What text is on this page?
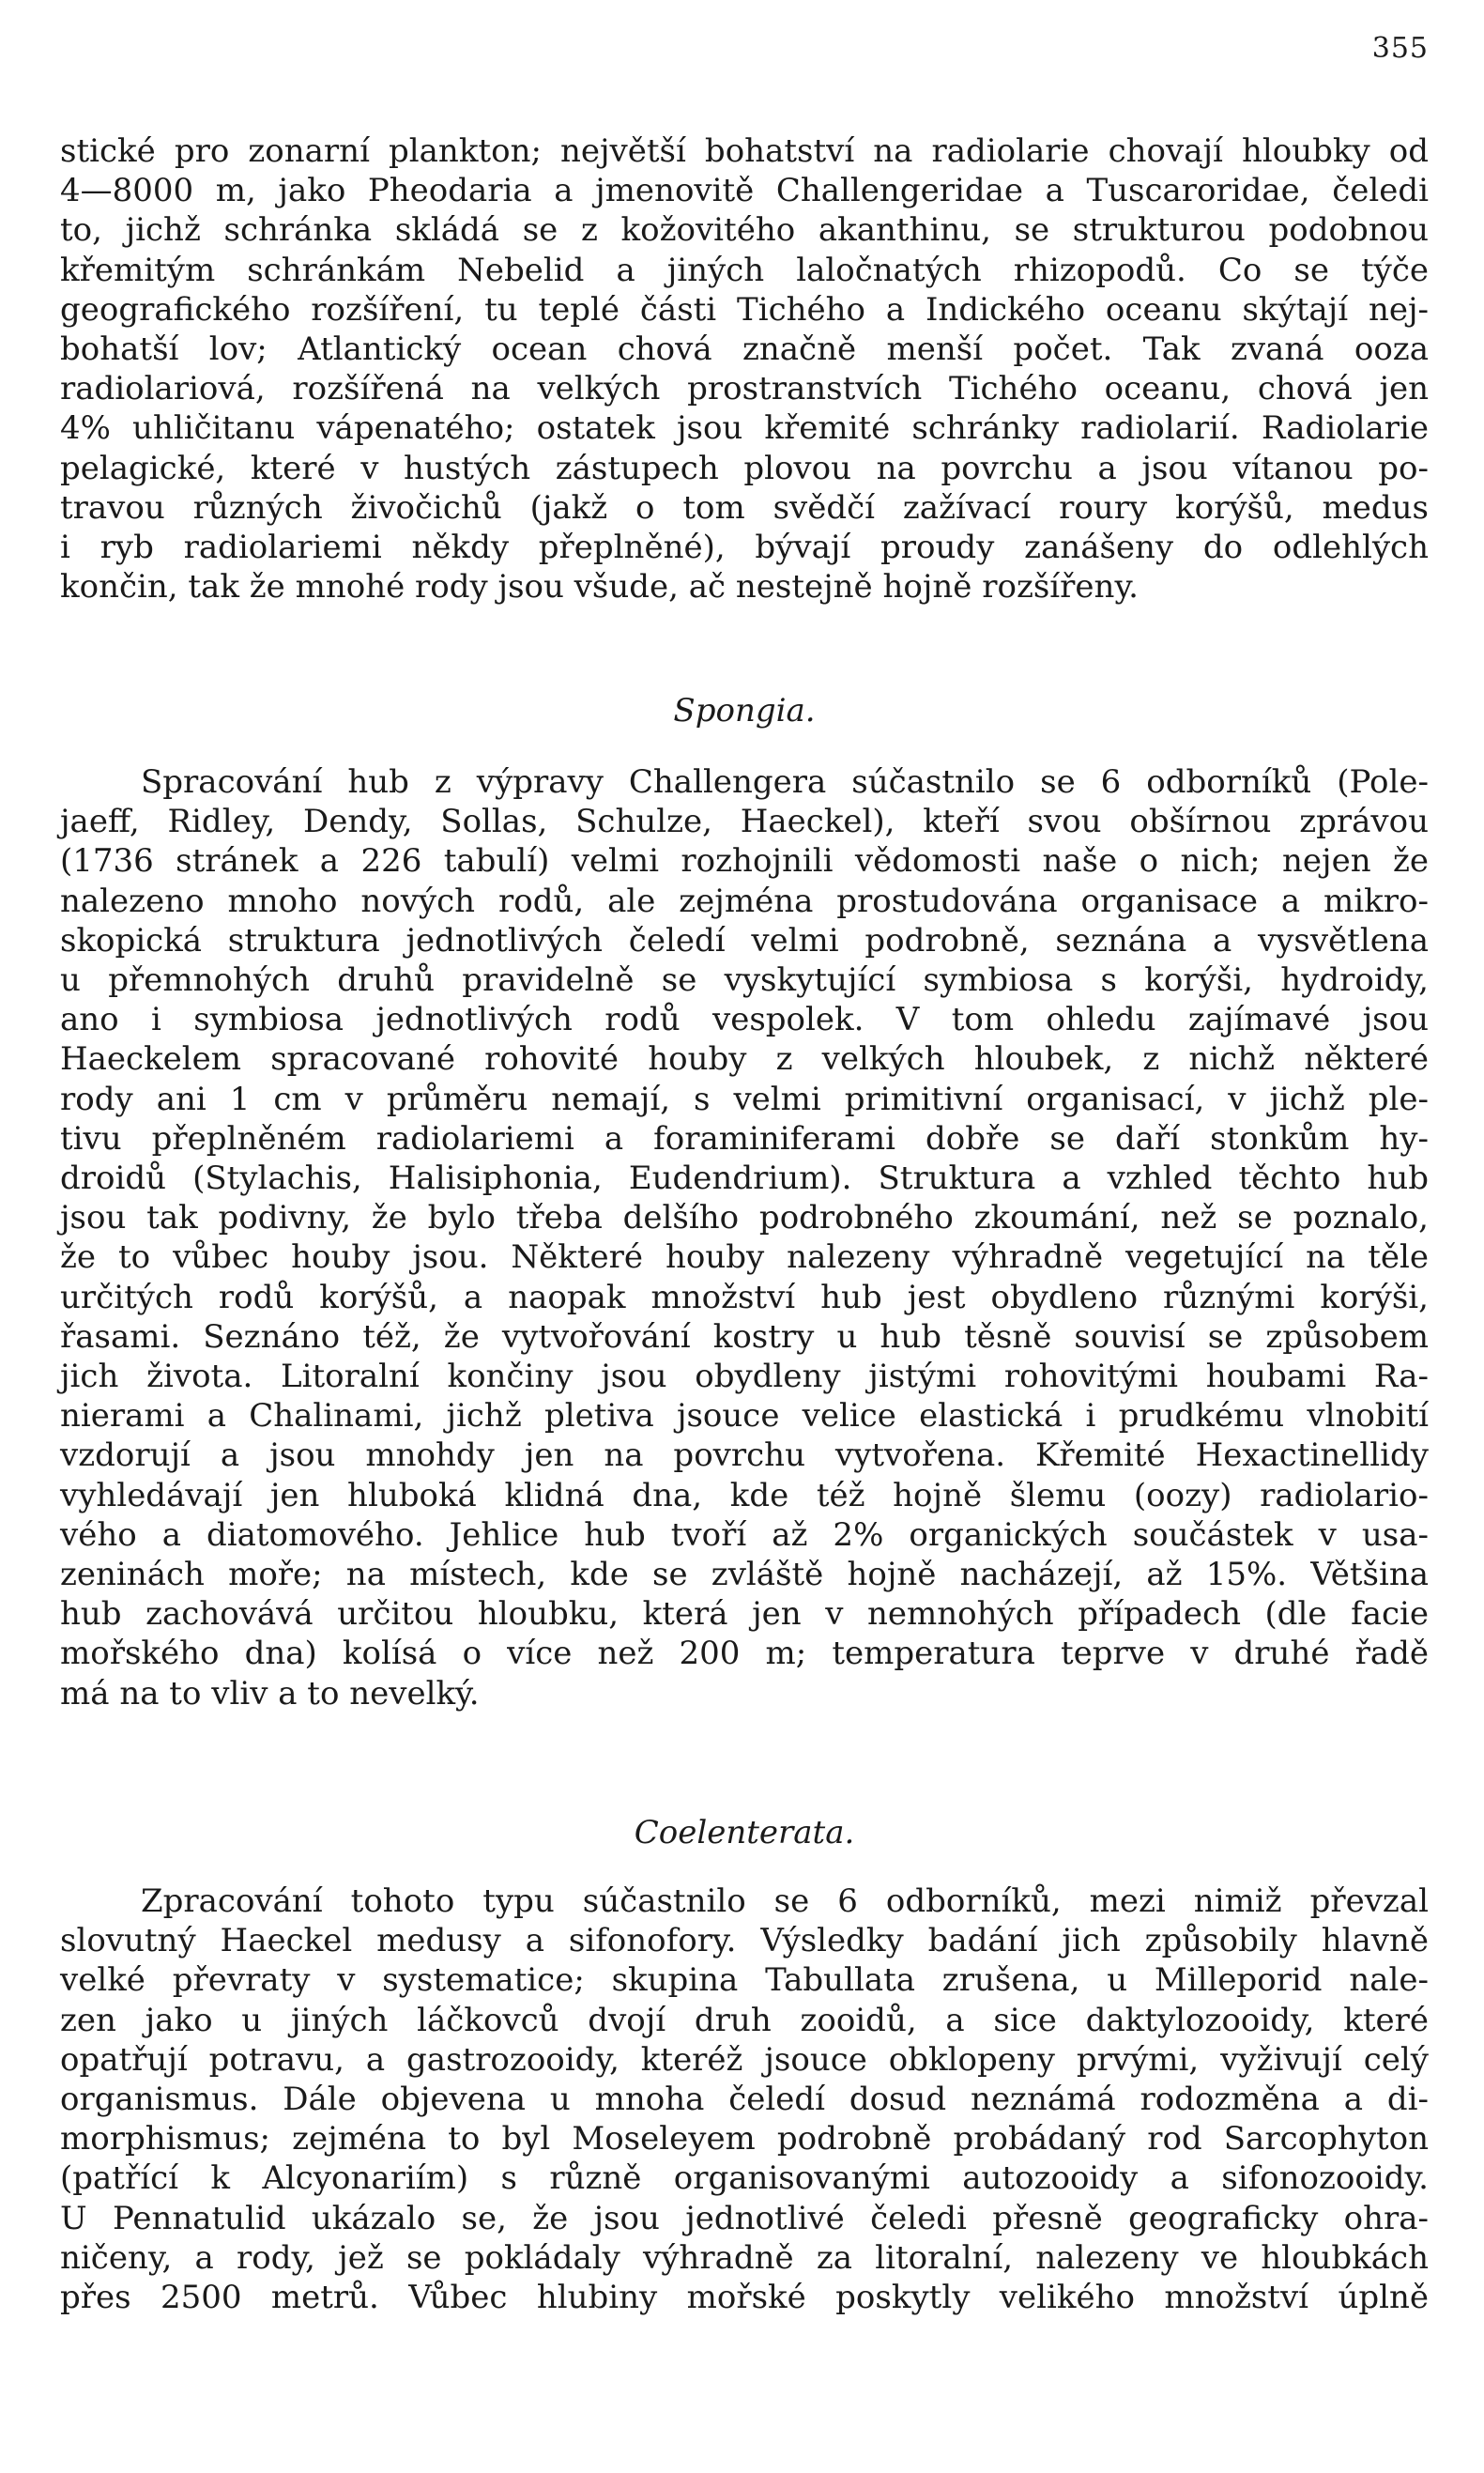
355
stické pro zonarní plankton; největší bohatství na radiolarie chovají hloubky od
4—8000 m, jako Pheodaria a jmenovitě Challengeridae a Tuscaroridae, čeledi
to, jichž schránka skládá se z kožovitého akanthinu, se strukturou podobnou
křemitým schránkám Nebelid a jiných laločnatých rhizopodů. Co se týče
geografického rozšíření, tu teplé části Tichého a Indického oceanu skýtají nej-
bohatší lov; Atlantický ocean chová značně menší počet. Tak zvaná ooza
radiolariová, rozšířená na velkých prostranstvích Tichého oceanu, chová jen
4% uhličitanu vápenatého; ostatek jsou křemité schránky radiolarií. Radiolarie
pelagické, které v hustých zástupech plovou na povrchu a jsou vítanou po-
travou různých živočichů (jakž o tom svědčí zažívací roury korýšů, medus
i ryb radiolariemi někdy přeplněné), bývají proudy zanášeny do odlehlých
končin, tak že mnohé rody jsou všude, ač nestejně hojně rozšířeny.
Spongia.
Spracování hub z výpravy Challengera súčastnilo se 6 odborníků (Pole-
jaeff, Ridley, Dendy, Sollas, Schulze, Haeckel), kteří svou obšírnou zprávou
(1736 stránek a 226 tabulí) velmi rozhojnili vědomosti naše o nich; nejen že
nalezeno mnoho nových rodů, ale zejména prostudována organisace a mikro-
skopická struktura jednotlivých čeledí velmi podrobně, seznána a vysvětlena
u přemnohých druhů pravidelně se vyskytující symbiosa s korýši, hydroidy,
ano i symbiosa jednotlivých rodů vespolek. V tom ohledu zajímavé jsou
Haeckelem spracované rohovité houby z velkých hloubek, z nichž některé
rody ani 1 cm v průměru nemají, s velmi primitivní organisací, v jichž ple-
tivu přeplněném radiolariemi a foraminiferami dobře se daří stonkům hy-
droidů (Stylachis, Halisiphonia, Eudendrium). Struktura a vzhled těchto hub
jsou tak podivny, že bylo třeba delšího podrobného zkoumání, než se poznalo,
že to vůbec houby jsou. Některé houby nalezeny výhradně vegetující na těle
určitých rodů korýšů, a naopak množství hub jest obydleno různými korýši,
řasami. Seznáno též, že vytvořování kostry u hub těsně souvisí se způsobem
jich života. Litoralní končiny jsou obydleny jistými rohovitými houbami Ra-
nierami a Chalinami, jichž pletiva jsouce velice elastická i prudkému vlnobití
vzdorují a jsou mnohdy jen na povrchu vytvořena. Křemité Hexactinellidy
vyhledávají jen hluboká klidná dna, kde též hojně šlemu (oozy) radiolario-
vého a diatomového. Jehlice hub tvoří až 2% organických součástek v usa-
zeninách moře; na místech, kde se zvláště hojně nacházejí, až 15%. Většina
hub zachovává určitou hloubku, která jen v nemnohých případech (dle facie
mořského dna) kolísá o více než 200 m; temperatura teprve v druhé řadě
má na to vliv a to nevelký.
Coelenterata.
Zpracování tohoto typu súčastnilo se 6 odborníků, mezi nimiž převzal
slovutný Haeckel medusy a sifonofory. Výsledky badání jich způsobily hlavně
velké převraty v systematice; skupina Tabullata zrušena, u Milleporid nale-
zen jako u jiných láčkovců dvojí druh zooidů, a sice daktylozooidy, které
opatřují potravu, a gastrozooidy, kteréž jsouce obklopeny prvými, vyživují celý
organismus. Dále objevena u mnoha čeledí dosud neznámá rodozměna a di-
morphismus; zejména to byl Moseleyem podrobně probádaný rod Sarcophyton
(patřící k Alcyonariím) s různě organisovanými autozooidy a sifonozooidy.
U Pennatulid ukázalo se, že jsou jednotlivé čeledi přesně geograficky ohra-
ničeny, a rody, jež se pokládaly výhradně za litoralní, nalezeny ve hloubkách
přes 2500 metrů. Vůbec hlubiny mořské poskytly velikého množství úplně
